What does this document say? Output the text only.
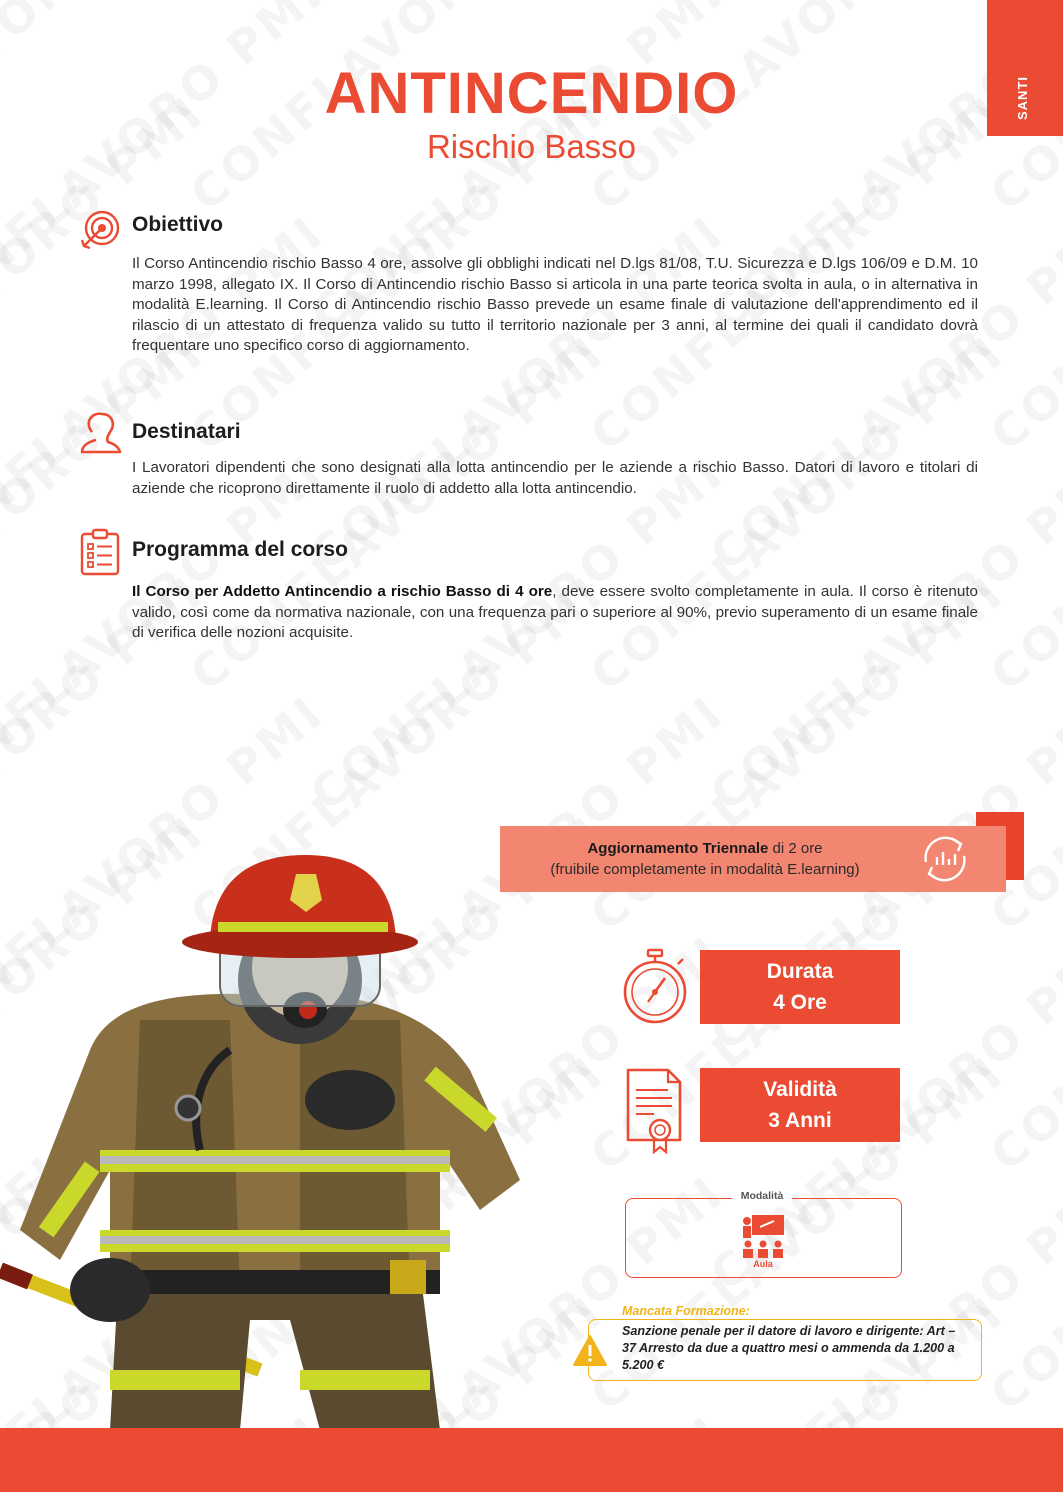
SANTI
ANTINCENDIO
Rischio Basso
Obiettivo
Il Corso Antincendio rischio Basso 4 ore, assolve gli obblighi indicati nel D.lgs 81/08, T.U. Sicurezza e D.lgs 106/09 e D.M. 10 marzo 1998, allegato IX. Il Corso di Antincendio rischio Basso si articola in una parte teorica svolta in aula, o in alternativa in modalità E.learning. Il Corso di Antincendio rischio Basso prevede un esame finale di valutazione dell'apprendimento ed il rilascio di un attestato di frequenza valido su tutto il territorio nazionale per 3 anni, al termine dei quali il candidato dovrà frequentare uno specifico corso di aggiornamento.
Destinatari
I Lavoratori dipendenti che sono designati alla lotta antincendio per le aziende a rischio Basso. Datori di lavoro e titolari di aziende che ricoprono direttamente il ruolo di addetto alla lotta antincendio.
Programma del corso
Il Corso per Addetto Antincendio a rischio Basso di 4 ore, deve essere svolto completamente in aula. Il corso è ritenuto valido, così come da normativa nazionale, con una frequenza pari o superiore al 90%, previo superamento di un esame finale di verifica delle nozioni acquisite.
Aggiornamento Triennale di 2 ore
(fruibile completamente in modalità E.learning)
Durata
4 Ore
Validità
3 Anni
Modalità
Aula
Mancata Formazione:
Sanzione penale per il datore di lavoro e dirigente: Art – 37 Arresto da due a quattro mesi o ammenda da 1.200 a 5.200 €
